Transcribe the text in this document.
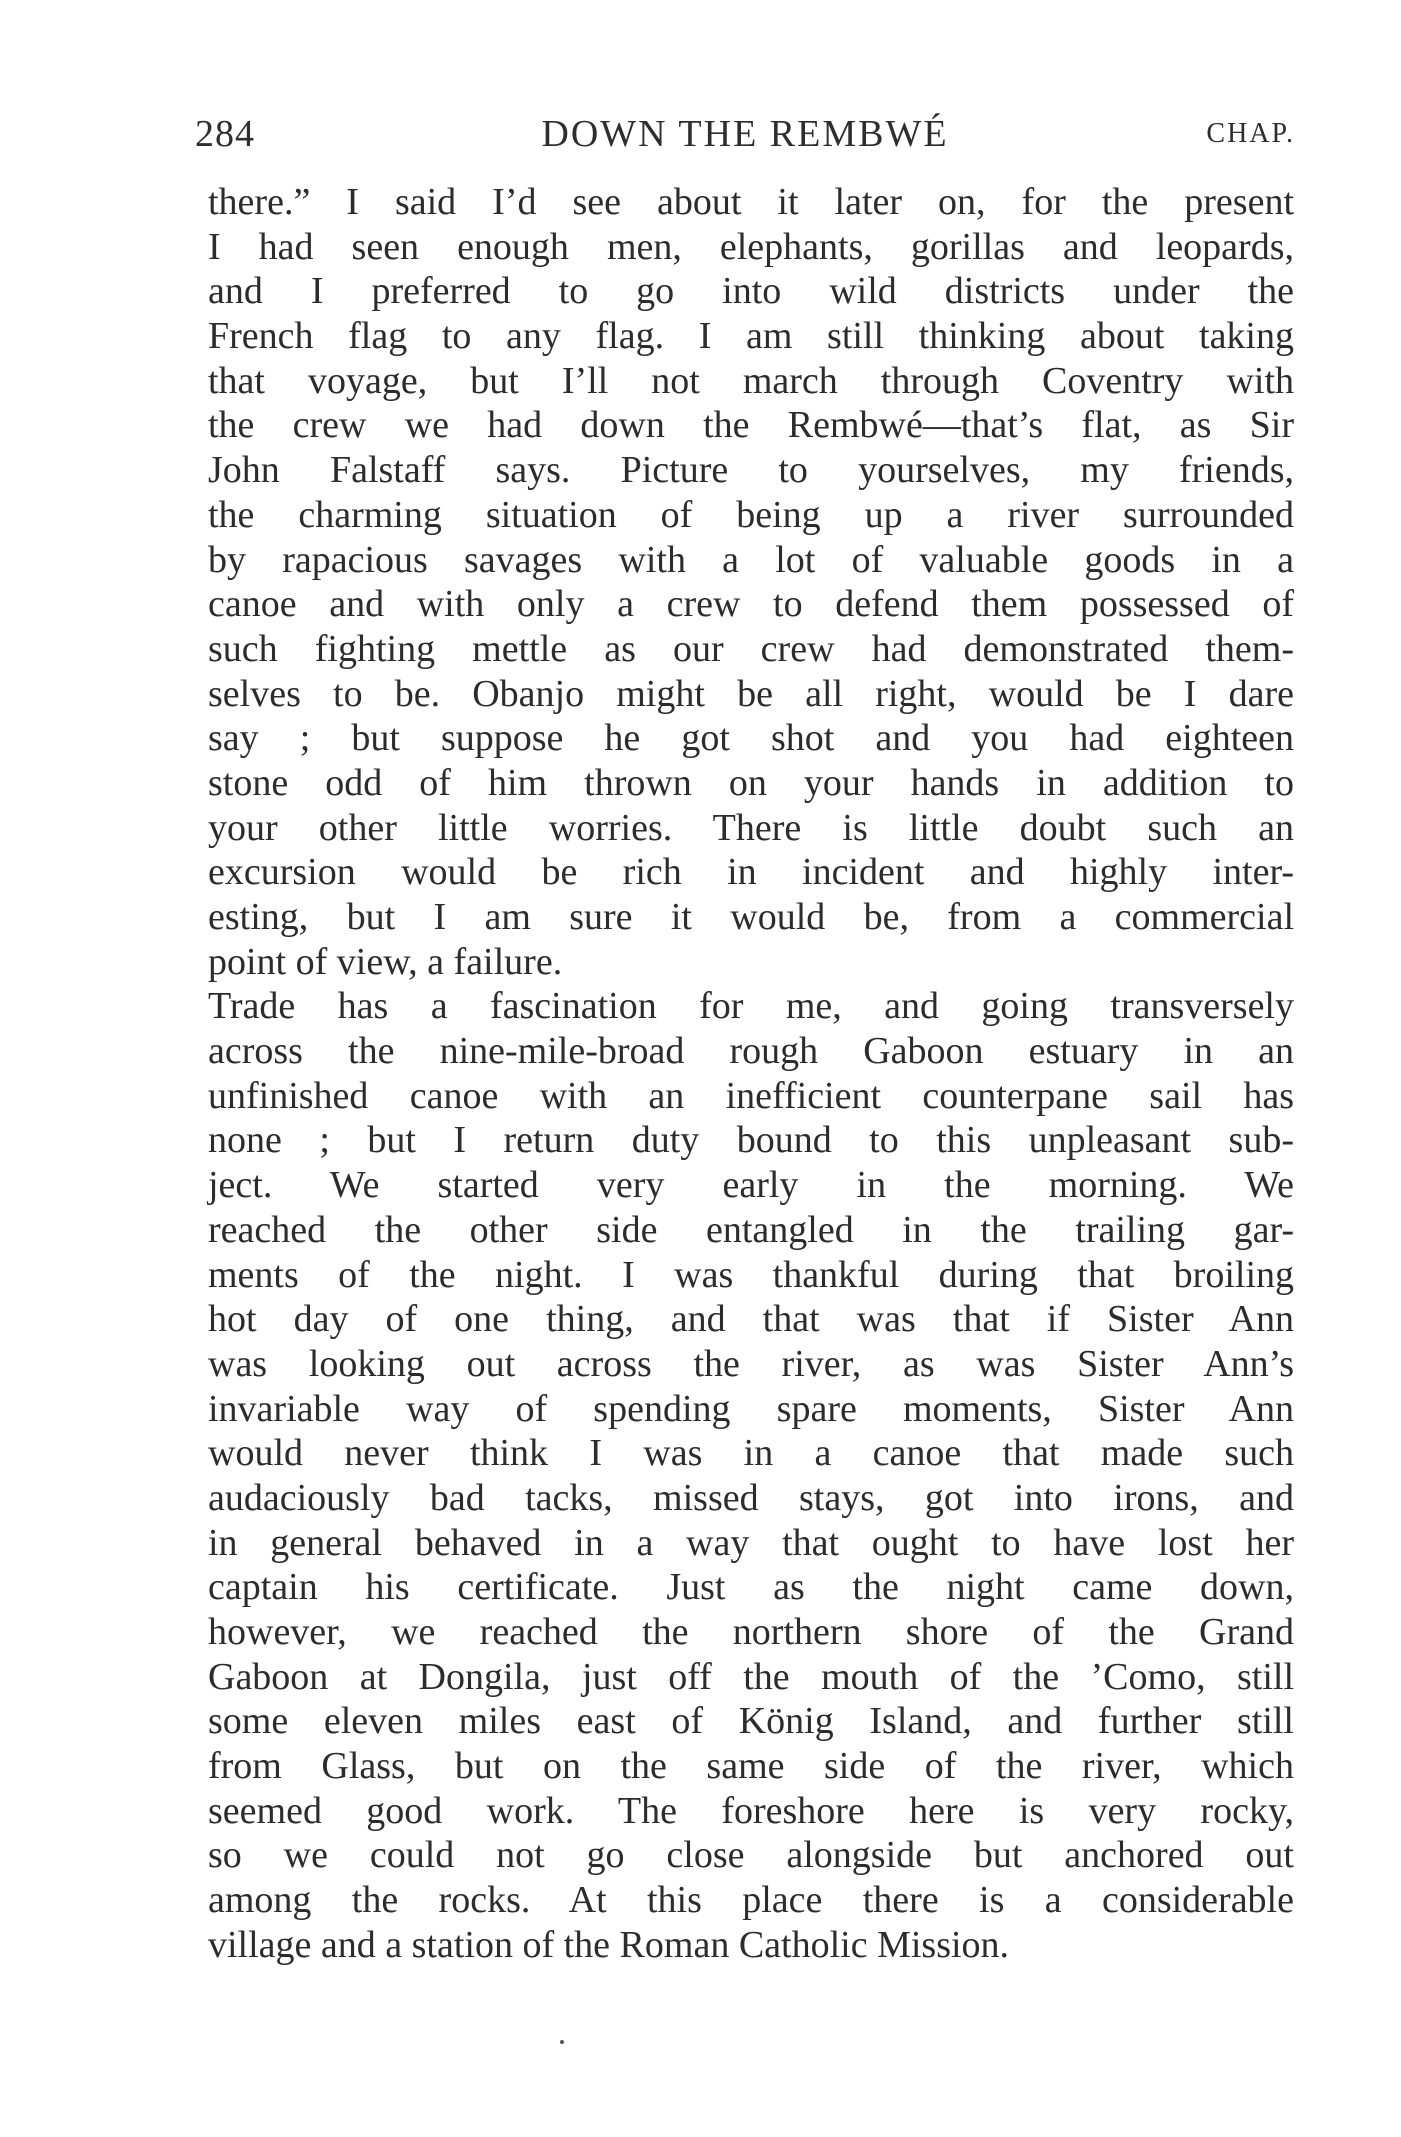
284	DOWN THE REMBWÉ	CHAP.
there.” I said I’d see about it later on, for the present
I had seen enough men, elephants, gorillas and leopards,
and I preferred to go into wild districts under the
French flag to any flag. I am still thinking about taking
that voyage, but I’ll not march through Coventry with
the crew we had down the Rembwé—that’s flat, as Sir
John Falstaff says. Picture to yourselves, my friends,
the charming situation of being up a river surrounded
by rapacious savages with a lot of valuable goods in a
canoe and with only a crew to defend them possessed of
such fighting mettle as our crew had demonstrated them-
selves to be. Obanjo might be all right, would be I dare
say ; but suppose he got shot and you had eighteen
stone odd of him thrown on your hands in addition to
your other little worries. There is little doubt such an
excursion would be rich in incident and highly inter-
esting, but I am sure it would be, from a commercial
point of view, a failure.
Trade has a fascination for me, and going transversely
across the nine-mile-broad rough Gaboon estuary in an
unfinished canoe with an inefficient counterpane sail has
none ; but I return duty bound to this unpleasant sub-
ject. We started very early in the morning. We
reached the other side entangled in the trailing gar-
ments of the night. I was thankful during that broiling
hot day of one thing, and that was that if Sister Ann
was looking out across the river, as was Sister Ann’s
invariable way of spending spare moments, Sister Ann
would never think I was in a canoe that made such
audaciously bad tacks, missed stays, got into irons, and
in general behaved in a way that ought to have lost her
captain his certificate. Just as the night came down,
however, we reached the northern shore of the Grand
Gaboon at Dongila, just off the mouth of the ’Como, still
some eleven miles east of König Island, and further still
from Glass, but on the same side of the river, which
seemed good work. The foreshore here is very rocky,
so we could not go close alongside but anchored out
among the rocks. At this place there is a considerable
village and a station of the Roman Catholic Mission.
